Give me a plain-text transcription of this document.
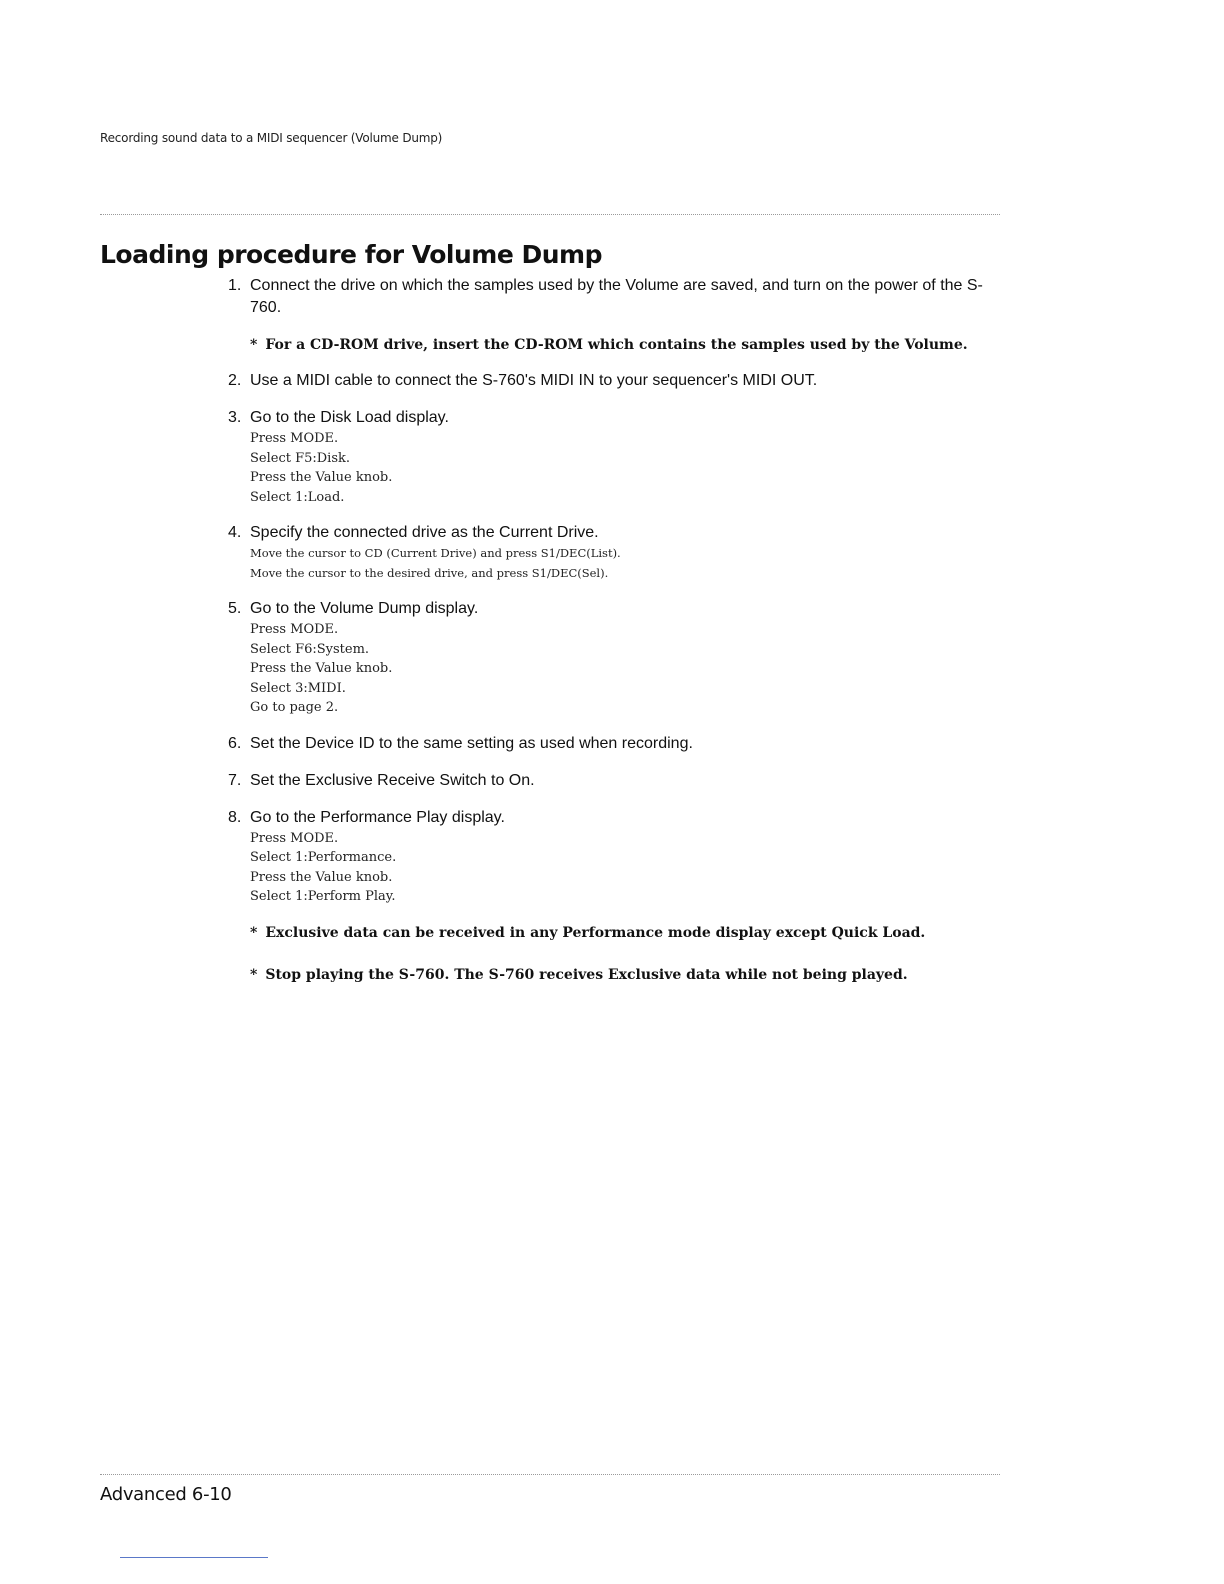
Recording sound data to a MIDI sequencer (Volume Dump)
Loading procedure for Volume Dump
1. Connect the drive on which the samples used by the Volume are saved, and turn on the power of the S-760.
* For a CD-ROM drive, insert the CD-ROM which contains the samples used by the Volume.
2. Use a MIDI cable to connect the S-760's MIDI IN to your sequencer's MIDI OUT.
3. Go to the Disk Load display.
Press MODE.
Select F5:Disk.
Press the Value knob.
Select 1:Load.
4. Specify the connected drive as the Current Drive.
Move the cursor to CD (Current Drive) and press S1/DEC(List).
Move the cursor to the desired drive, and press S1/DEC(Sel).
5. Go to the Volume Dump display.
Press MODE.
Select F6:System.
Press the Value knob.
Select 3:MIDI.
Go to page 2.
6. Set the Device ID to the same setting as used when recording.
7. Set the Exclusive Receive Switch to On.
8. Go to the Performance Play display.
Press MODE.
Select 1:Performance.
Press the Value knob.
Select 1:Perform Play.
* Exclusive data can be received in any Performance mode display except Quick Load.
* Stop playing the S-760. The S-760 receives Exclusive data while not being played.
Advanced 6-10
